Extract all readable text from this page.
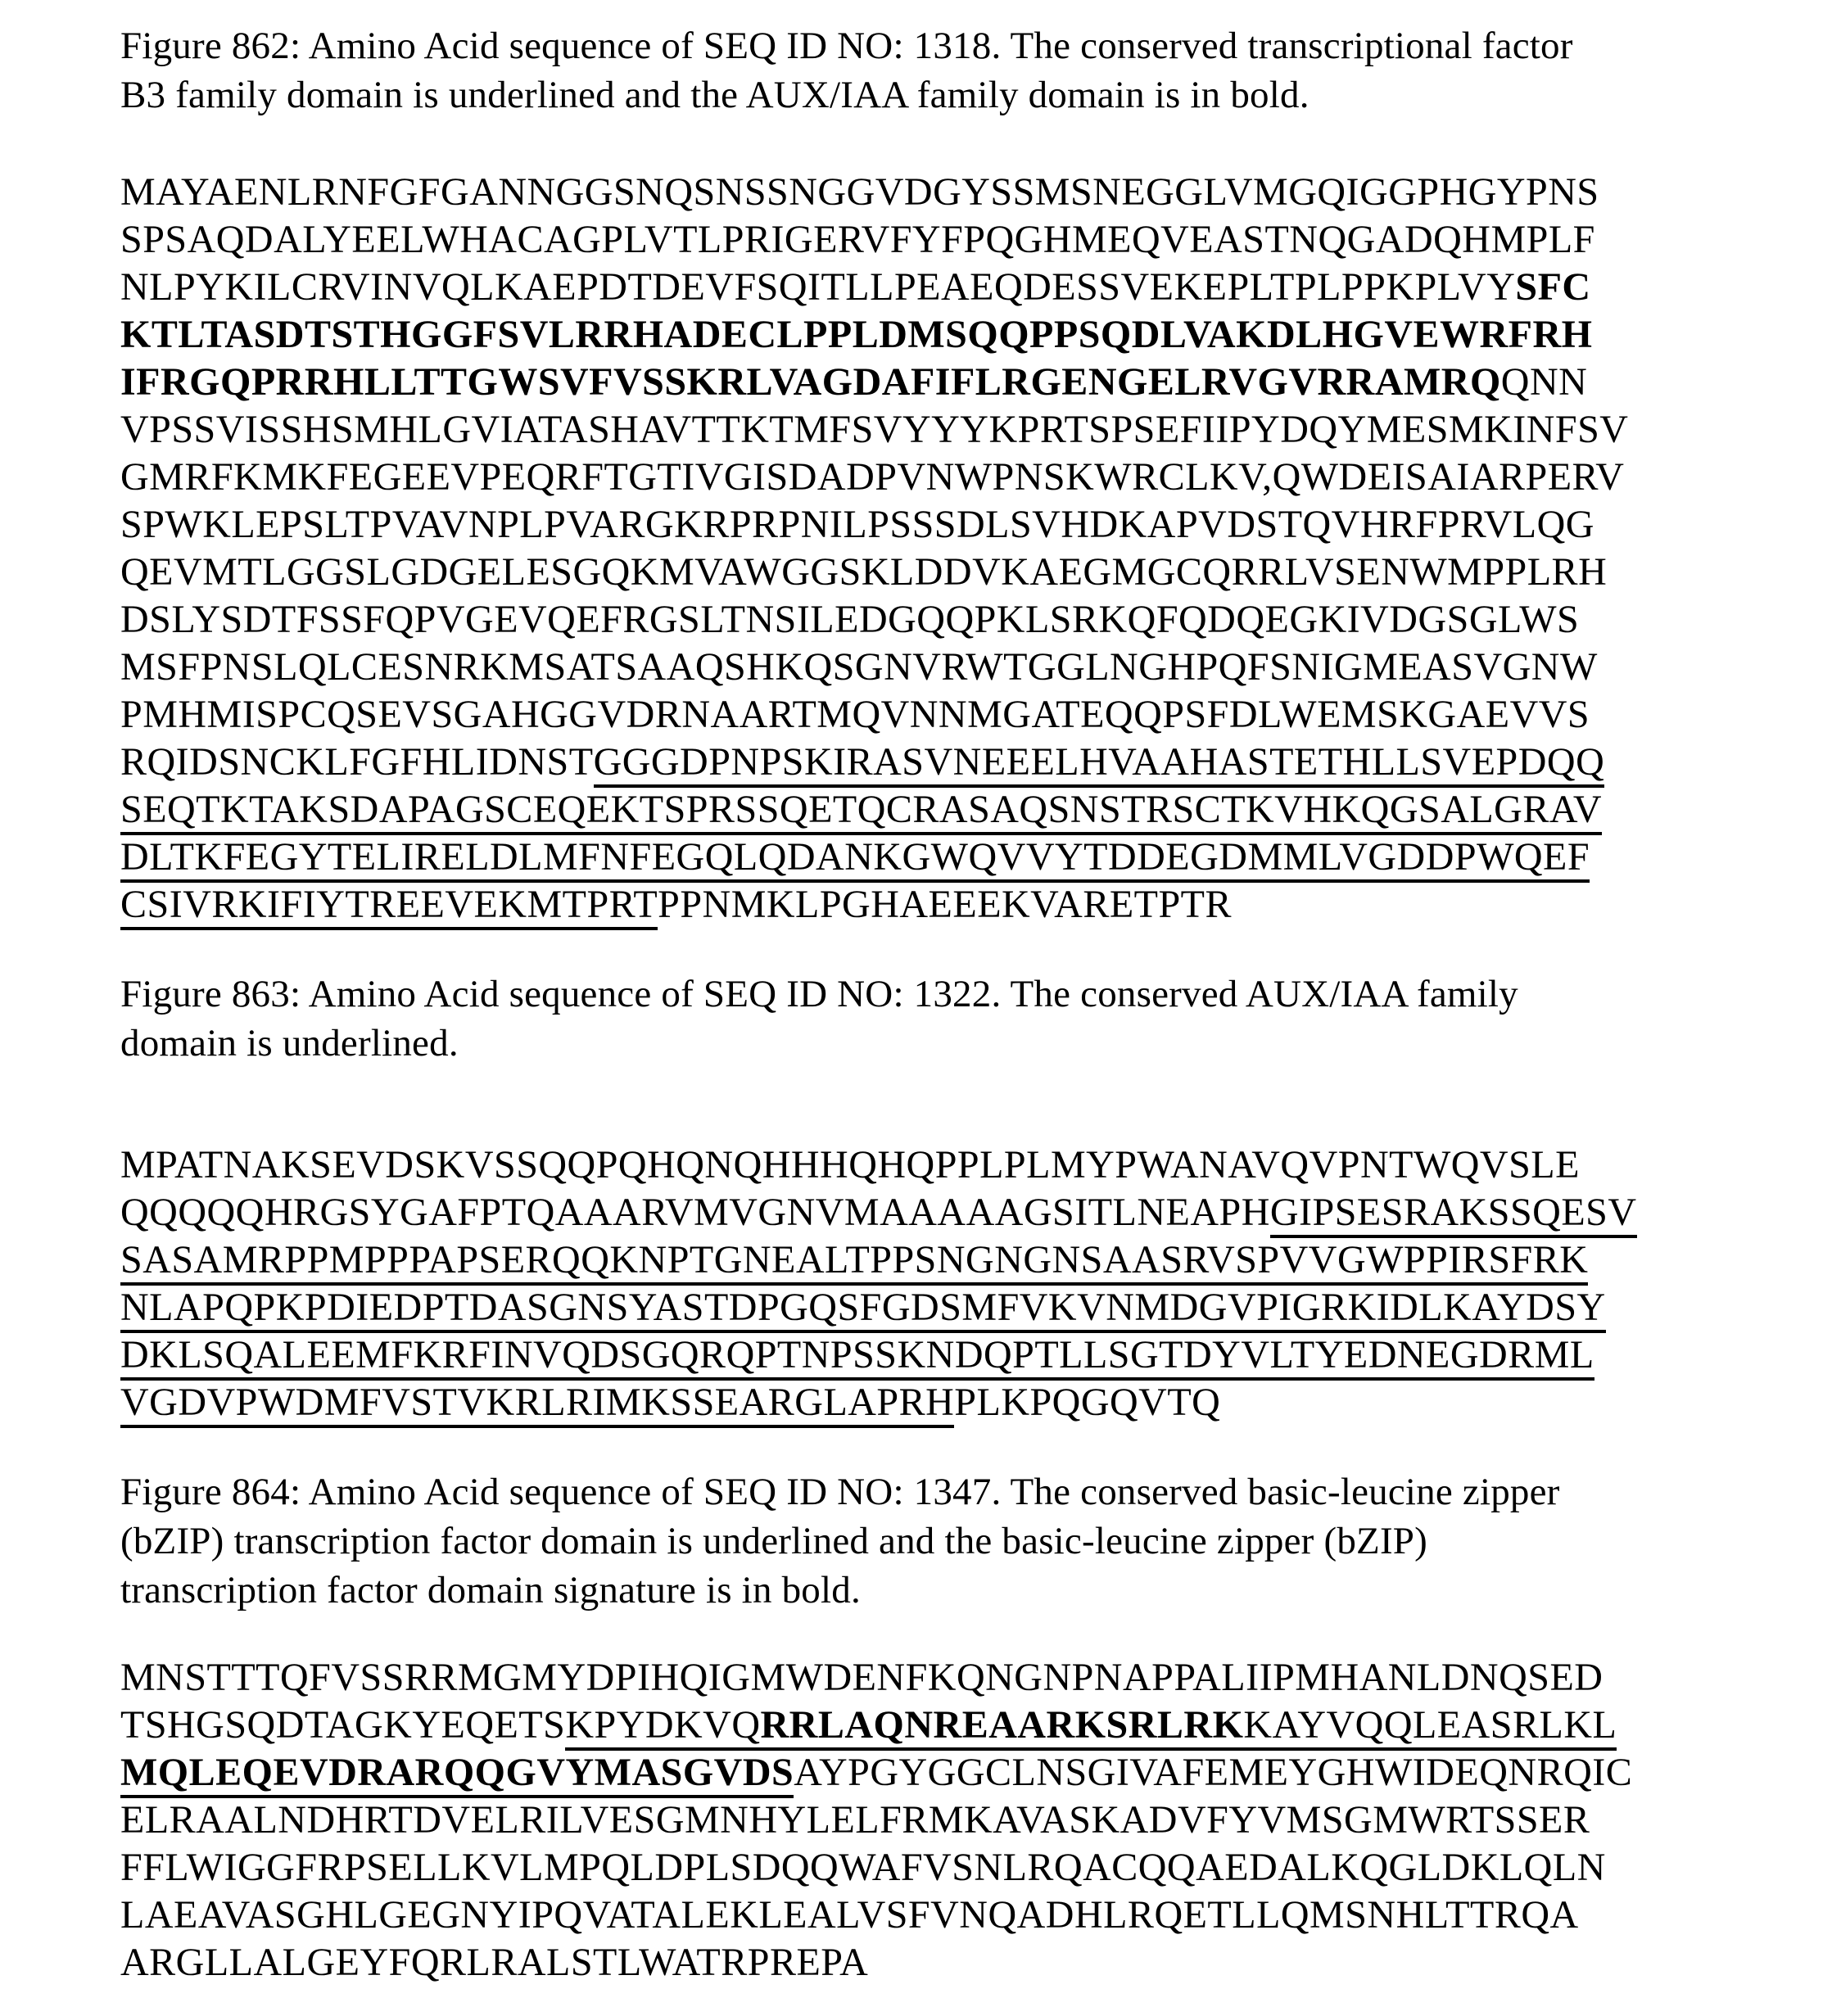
Figure 862: Amino Acid sequence of SEQ ID NO: 1318. The conserved transcriptional factor
B3 family domain is underlined and the AUX/IAA family domain is in bold.
MAYAENLRNFGFGANNGGSNQSNSSNGGVDGYSSMSNEGGLVMGQIGGPHGYPNS
SPSAQDALYEELWHACAGPLVTLPRIGERVFYFPQGHMEQVEASTNQGADQHMPLF
NLPYKILCRVINVQLKAEPDTDEVFSQITLLPEAEQDESSVEKEPLTPLPPKPLVYSFC
KTLTASDTSTHGGFSVLRRHADECLPPLDMSQQPPSQDLVAKDLHGVEWRFRH
IFRGQPRRHLLTTGWSVFVSSKRLVAGDAFIFLRGENGELRVGVRRAMRQQNN
VPSSVISSHSMHLGVIATASHAVTTKTMFSVYYYKPRTSPSEFIIPYDQYMESMKINFSV
GMRFKMKFEGEEVPEQRFTGTIVGISDADPVNWPNSKWRCLKV,QWDEISAIARPERV
SPWKLEPSLTPVAVNPLPVARGKRPRPNILPSSSDLSVHDKAPVDSTQVHRFPRVLQG
QEVMTLGGSLGDGELESGQKMVAWGGSKLDDVKAEGMGCQRRLVSENWMPPLRH
DSLYSDTFSSFQPVGEVQEFRGSLTNSILEDGQQPKLSRKQFQDQEGKIVDGSGLWS
MSFPNSLQLCESNRKMSATSAAQSHKQSGNVRWTGGLNGHPQFSNIGMEASVGNW
PMHMISPCQSEVSGAHGGVDRNAARTMQVNNMGATEQQPSFDLWEMSKGAEVVS
RQIDSNCKLFGFHLIDNSTGGGDPNPSKIRASVNEEELHVAAHASTETHLLSVEPDQQ
SEQTKTAKSDAPAGSCEQEKTSPRSSQETQCRASAQSNSTRSCTKVHKQGSALGRAV
DLTKFEGYTELIRELDLMFNFEGQLQDANKGWQVVYTDDEGDMMLVGDDPWQEF
CSIVRKIFIYTREEVEKMTPRTPPNMKLPGHAEEEKVARETPTR
Figure 863: Amino Acid sequence of SEQ ID NO: 1322. The conserved AUX/IAA family
domain is underlined.
MPATNAKSEVDSKVSSQQPQHQNQHHHQHQPPLPLMYPWANAVQVPNTWQVSLE
QQQQQHRGSYGAFPTQAAARVMVGNVMAAAAAGSITLNEAPHGIPSESRAKSSQESV
SASAMRPPMPPPAPSERQQKNPTGNEALTPPSNGNGNSAASRVSPVVGWPPIRSFRK
NLAPQPKPDIEDPTDASGNSYASTDPGQSFGDSMFVKVNMDGVPIGRKIDLKAYDSY
DKLSQALEEMFKRFINVQDSGQRQPTNPSSKNDQPTLLSGTDYVLTYEDNEGDRML
VGDVPWDMFVSTVKRLRIMKSSEARGLAPRHPLKPQGQVTQ
Figure 864: Amino Acid sequence of SEQ ID NO: 1347. The conserved basic-leucine zipper
(bZIP) transcription factor domain is underlined and the basic-leucine zipper (bZIP)
transcription factor domain signature is in bold.
MNSTTTQFVSSRRMGMYDPIHQIGMWDENFKQNGNPNAPPALIIPMHANLDNQSED
TSHGSQDTAGKYEQETSKPYDKVQRRLAQNREAARKSRLRKKAYVQQLEASRLKL
MQLEQEVDRARQQGVYMASGVDSAYPGYGGCLNSGIVAFEMEYGHWIDEQNRQIC
ELRAALNDHRTDVELRILVESGMNHYLELFRMKAVASKADVFYVMSGMWRTSSER
FFLWIGGFRPSELLKVLMPQLDPLSDQQWAFVSNLRQACQQAEDALKQGLDKLQLN
LAEAVASGHLGEGNYIPQVATALEKLEALVSFVNQADHLRQETLLQMSNHLTTRQA
ARGLLALGEYFQRLRALSTLWATRPREPA
